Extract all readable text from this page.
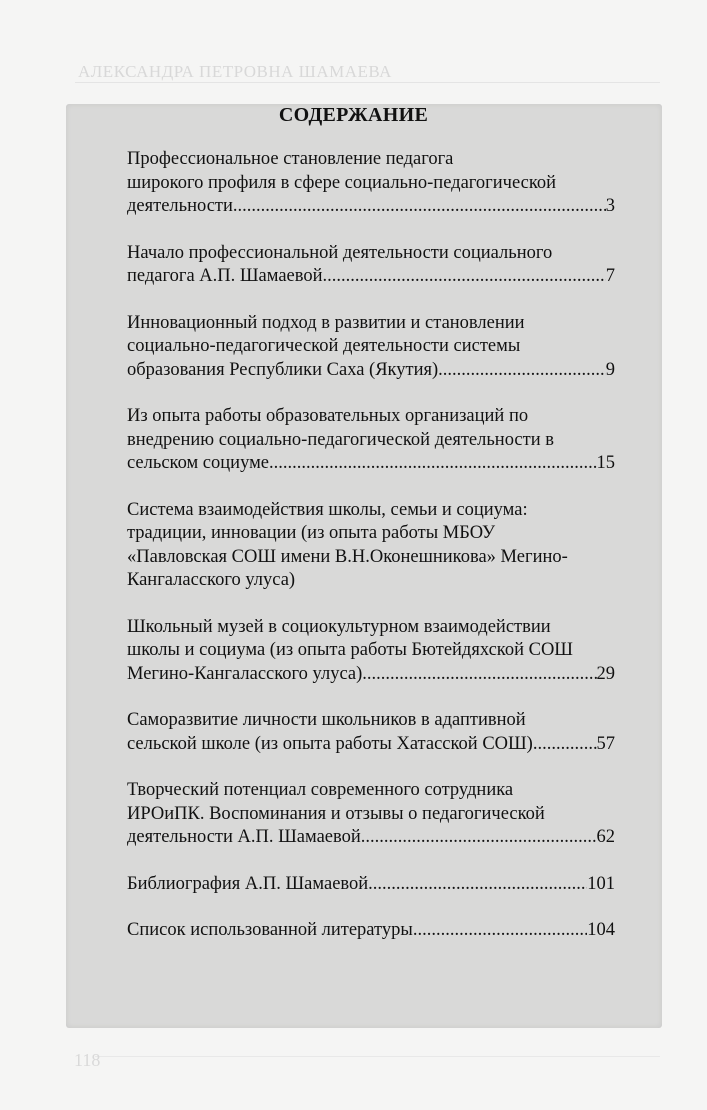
АЛЕКСАНДРА ПЕТРОВНА ШАМАЕВА
118
СОДЕРЖАНИЕ
Профессиональное становление педагога
широкого профиля в сфере социально-педагогической
деятельности .....	3
Начало профессиональной деятельности социального
педагога А.П. Шамаевой .....	7
Инновационный подход в развитии и становлении
социально-педагогической деятельности системы
образования Республики Саха (Якутия) .....	9
Из опыта работы образовательных организаций по
внедрению социально-педагогической деятельности в
сельском социуме .....	15
Система взаимодействия школы, семьи и социума:
традиции, инновации (из опыта работы МБОУ
«Павловская СОШ имени В.Н.Оконешникова» Мегино-
Кангаласского улуса)
Школьный музей в социокультурном взаимодействии
школы и социума (из опыта работы Бютейдяхской СОШ
Мегино-Кангаласского улуса) .....	29
Саморазвитие личности школьников в адаптивной
сельской школе (из опыта работы Хатасской СОШ) .....	57
Творческий потенциал современного сотрудника
ИРОиПК. Воспоминания и отзывы о педагогической
деятельности А.П. Шамаевой .....	62
Библиография А.П. Шамаевой .....	101
Список использованной литературы .....	104
